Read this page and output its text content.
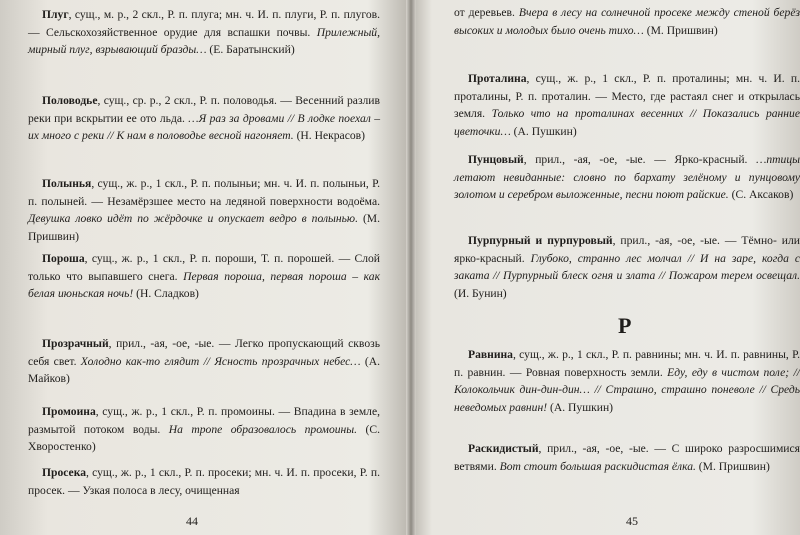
Плуг, сущ., м. р., 2 скл., Р. п. плуга; мн. ч. И. п. плуги, Р. п. плугов. — Сельскохозяйственное орудие для вспашки почвы. Прилежный, мирный плуг, взрывающий бразды… (Е. Баратынский)

Половодье, сущ., ср. р., 2 скл., Р. п. половодья. — Весенний разлив реки при вскрытии ее ото льда. …Я раз за дровами // В лодке поехал – их много с реки // К нам в половодье весной нагоняет. (Н. Некрасов)

Полынья, сущ., ж. р., 1 скл., Р. п. полыньи; мн. ч. И. п. полыньи, Р. п. полыней. — Незамёрзшее место на ледяной поверхности водоёма. Девушка ловко идёт по жёрдочке и опускает ведро в полынью. (М. Пришвин)

Пороша, сущ., ж. р., 1 скл., Р. п. пороши, Т. п. порошей. — Слой только что выпавшего снега. Первая пороша, первая пороша – как белая июньская ночь! (Н. Сладков)

Прозрачный, прил., -ая, -ое, -ые. — Легко пропускающий сквозь себя свет. Холодно как-то глядит // Ясность прозрачных небес… (А. Майков)

Промоина, сущ., ж. р., 1 скл., Р. п. промоины. — Впадина в земле, размытой потоком воды. На тропе образовалось промоины. (С. Хворостенко)

Просека, сущ., ж. р., 1 скл., Р. п. просеки; мн. ч. И. п. просеки, Р. п. просек. — Узкая полоса в лесу, очищенная

44

от деревьев. Вчера в лесу на солнечной просеке между стеной берёз высоких и молодых было очень тихо… (М. Пришвин)

Проталина, сущ., ж. р., 1 скл., Р. п. проталины; мн. ч. И. п. проталины, Р. п. проталин. — Место, где растаял снег и открылась земля. Только что на проталинах весенних // Показались ранние цветочки… (А. Пушкин)

Пунцовый, прил., -ая, -ое, -ые. — Ярко-красный. …птицы летают невиданные: словно по бархату зелёному и пунцовому золотом и серебром выложенные, песни поют райские. (С. Аксаков)

Пурпурный и пурпуровый, прил., -ая, -ое, -ые. — Тёмно- или ярко-красный. Глубоко, странно лес молчал // И на заре, когда с заката // Пурпурный блеск огня и злата // Пожаром терем освещал. (И. Бунин)

Р

Равнина, сущ., ж. р., 1 скл., Р. п. равнины; мн. ч. И. п. равнины, Р. п. равнин. — Ровная поверхность земли. Еду, еду в чистом поле; // Колокольчик дин-дин-дин… // Страшно, страшно поневоле // Средь неведомых равнин! (А. Пушкин)

Раскидистый, прил., -ая, -ое, -ые. — С широко разросшимися ветвями. Вот стоит большая раскидистая ёлка. (М. Пришвин)

45
